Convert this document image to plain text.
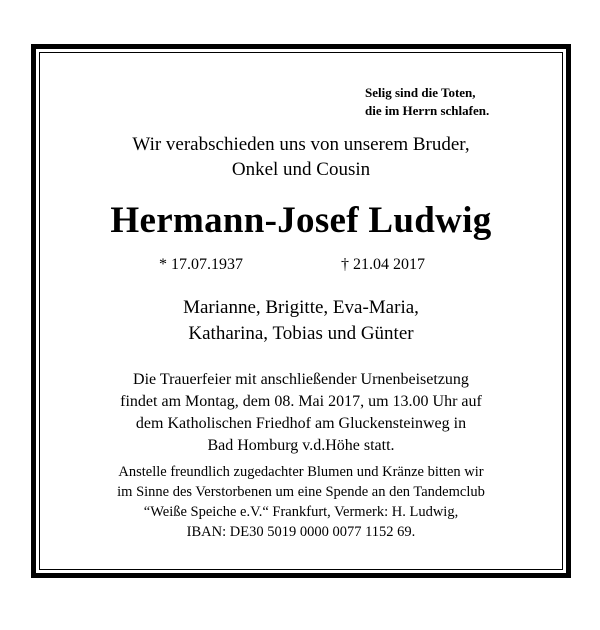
Selig sind die Toten,
die im Herrn schlafen.
Wir verabschieden uns von unserem Bruder,
Onkel und Cousin
Hermann-Josef Ludwig
* 17.07.1937	† 21.04 2017
Marianne, Brigitte, Eva-Maria,
Katharina, Tobias und Günter
Die Trauerfeier mit anschließender Urnenbeisetzung
findet am Montag, dem 08. Mai 2017, um 13.00 Uhr auf
dem Katholischen Friedhof am Gluckensteinweg in
Bad Homburg v.d.Höhe statt.
Anstelle freundlich zugedachter Blumen und Kränze bitten wir
im Sinne des Verstorbenen um eine Spende an den Tandemclub
“Weiße Speiche e.V.“ Frankfurt, Vermerk: H. Ludwig,
IBAN: DE30 5019 0000 0077 1152 69.
